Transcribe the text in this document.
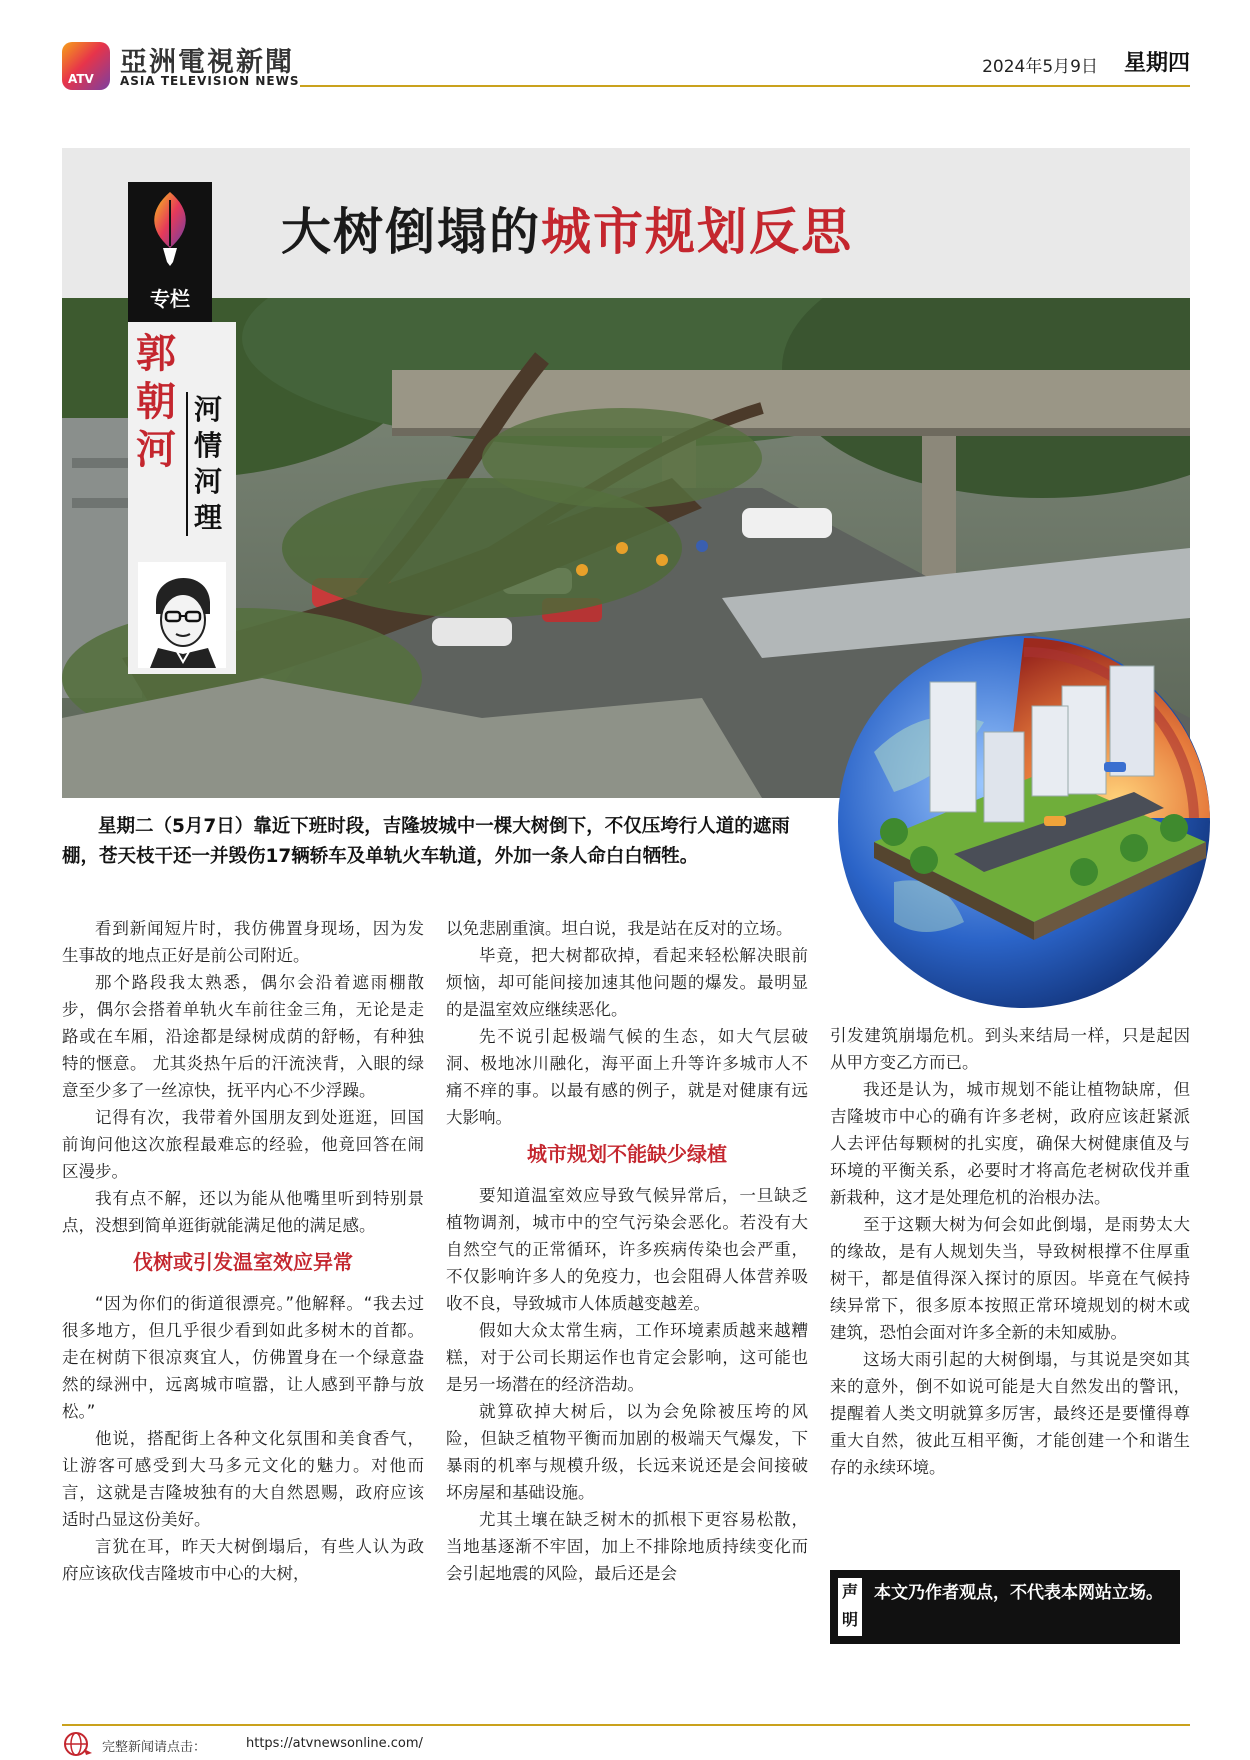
ATV
亞洲電視新聞
ASIA TELEVISION NEWS
2024年5月9日 星期四
大树倒塌的城市规划反思
专栏
郭
朝
河
河
情
河
理
星期二（5月7日）靠近下班时段，吉隆坡城中一棵大树倒下，不仅压垮行人道的遮雨棚，苍天枝干还一并毁伤17辆轿车及单轨火车轨道，外加一条人命白白牺牲。

看到新闻短片时，我仿佛置身现场，因为发生事故的地点正好是前公司附近。

那个路段我太熟悉，偶尔会沿着遮雨棚散步，偶尔会搭着单轨火车前往金三角，无论是走路或在车厢，沿途都是绿树成荫的舒畅，有种独特的惬意。 尤其炎热午后的汗流浃背，入眼的绿意至少多了一丝凉快，抚平内心不少浮躁。

记得有次，我带着外国朋友到处逛逛，回国前询问他这次旅程最难忘的经验，他竟回答在闹区漫步。

我有点不解，还以为能从他嘴里听到特别景点，没想到简单逛街就能满足他的满足感。

伐树或引发温室效应异常

“因为你们的街道很漂亮。”他解释。“我去过很多地方，但几乎很少看到如此多树木的首都。走在树荫下很凉爽宜人，仿佛置身在一个绿意盎然的绿洲中，远离城市喧嚣，让人感到平静与放松。”

他说，搭配街上各种文化氛围和美食香气，让游客可感受到大马多元文化的魅力。对他而言，这就是吉隆坡独有的大自然恩赐，政府应该适时凸显这份美好。

言犹在耳，昨天大树倒塌后，有些人认为政府应该砍伐吉隆坡市中心的大树，

以免悲剧重演。坦白说，我是站在反对的立场。

毕竟，把大树都砍掉，看起来轻松解决眼前烦恼，却可能间接加速其他问题的爆发。最明显的是温室效应继续恶化。

先不说引起极端气候的生态，如大气层破洞、极地冰川融化，海平面上升等许多城市人不痛不痒的事。以最有感的例子，就是对健康有远大影响。

城市规划不能缺少绿植

要知道温室效应导致气候异常后，一旦缺乏植物调剂，城市中的空气污染会恶化。若没有大自然空气的正常循环，许多疾病传染也会严重，不仅影响许多人的免疫力，也会阻碍人体营养吸收不良，导致城市人体质越变越差。

假如大众太常生病，工作环境素质越来越糟糕，对于公司长期运作也肯定会影响，这可能也是另一场潜在的经济浩劫。

就算砍掉大树后，以为会免除被压垮的风险，但缺乏植物平衡而加剧的极端天气爆发，下暴雨的机率与规模升级，长远来说还是会间接破坏房屋和基础设施。

尤其土壤在缺乏树木的抓根下更容易松散，当地基逐渐不牢固，加上不排除地质持续变化而会引起地震的风险，最后还是会

引发建筑崩塌危机。到头来结局一样，只是起因从甲方变乙方而已。

我还是认为，城市规划不能让植物缺席，但吉隆坡市中心的确有许多老树，政府应该赶紧派人去评估每颗树的扎实度，确保大树健康值及与环境的平衡关系，必要时才将高危老树砍伐并重新栽种，这才是处理危机的治根办法。

至于这颗大树为何会如此倒塌，是雨势太大的缘故，是有人规划失当，导致树根撑不住厚重树干，都是值得深入探讨的原因。毕竟在气候持续异常下，很多原本按照正常环境规划的树木或建筑，恐怕会面对许多全新的未知威胁。

这场大雨引起的大树倒塌，与其说是突如其来的意外，倒不如说可能是大自然发出的警讯，提醒着人类文明就算多厉害，最终还是要懂得尊重大自然，彼此互相平衡，才能创建一个和谐生存的永续环境。

声明
本文乃作者观点，不代表本网站立场。
完整新闻请点击：	https://atvnewsonline.com/
